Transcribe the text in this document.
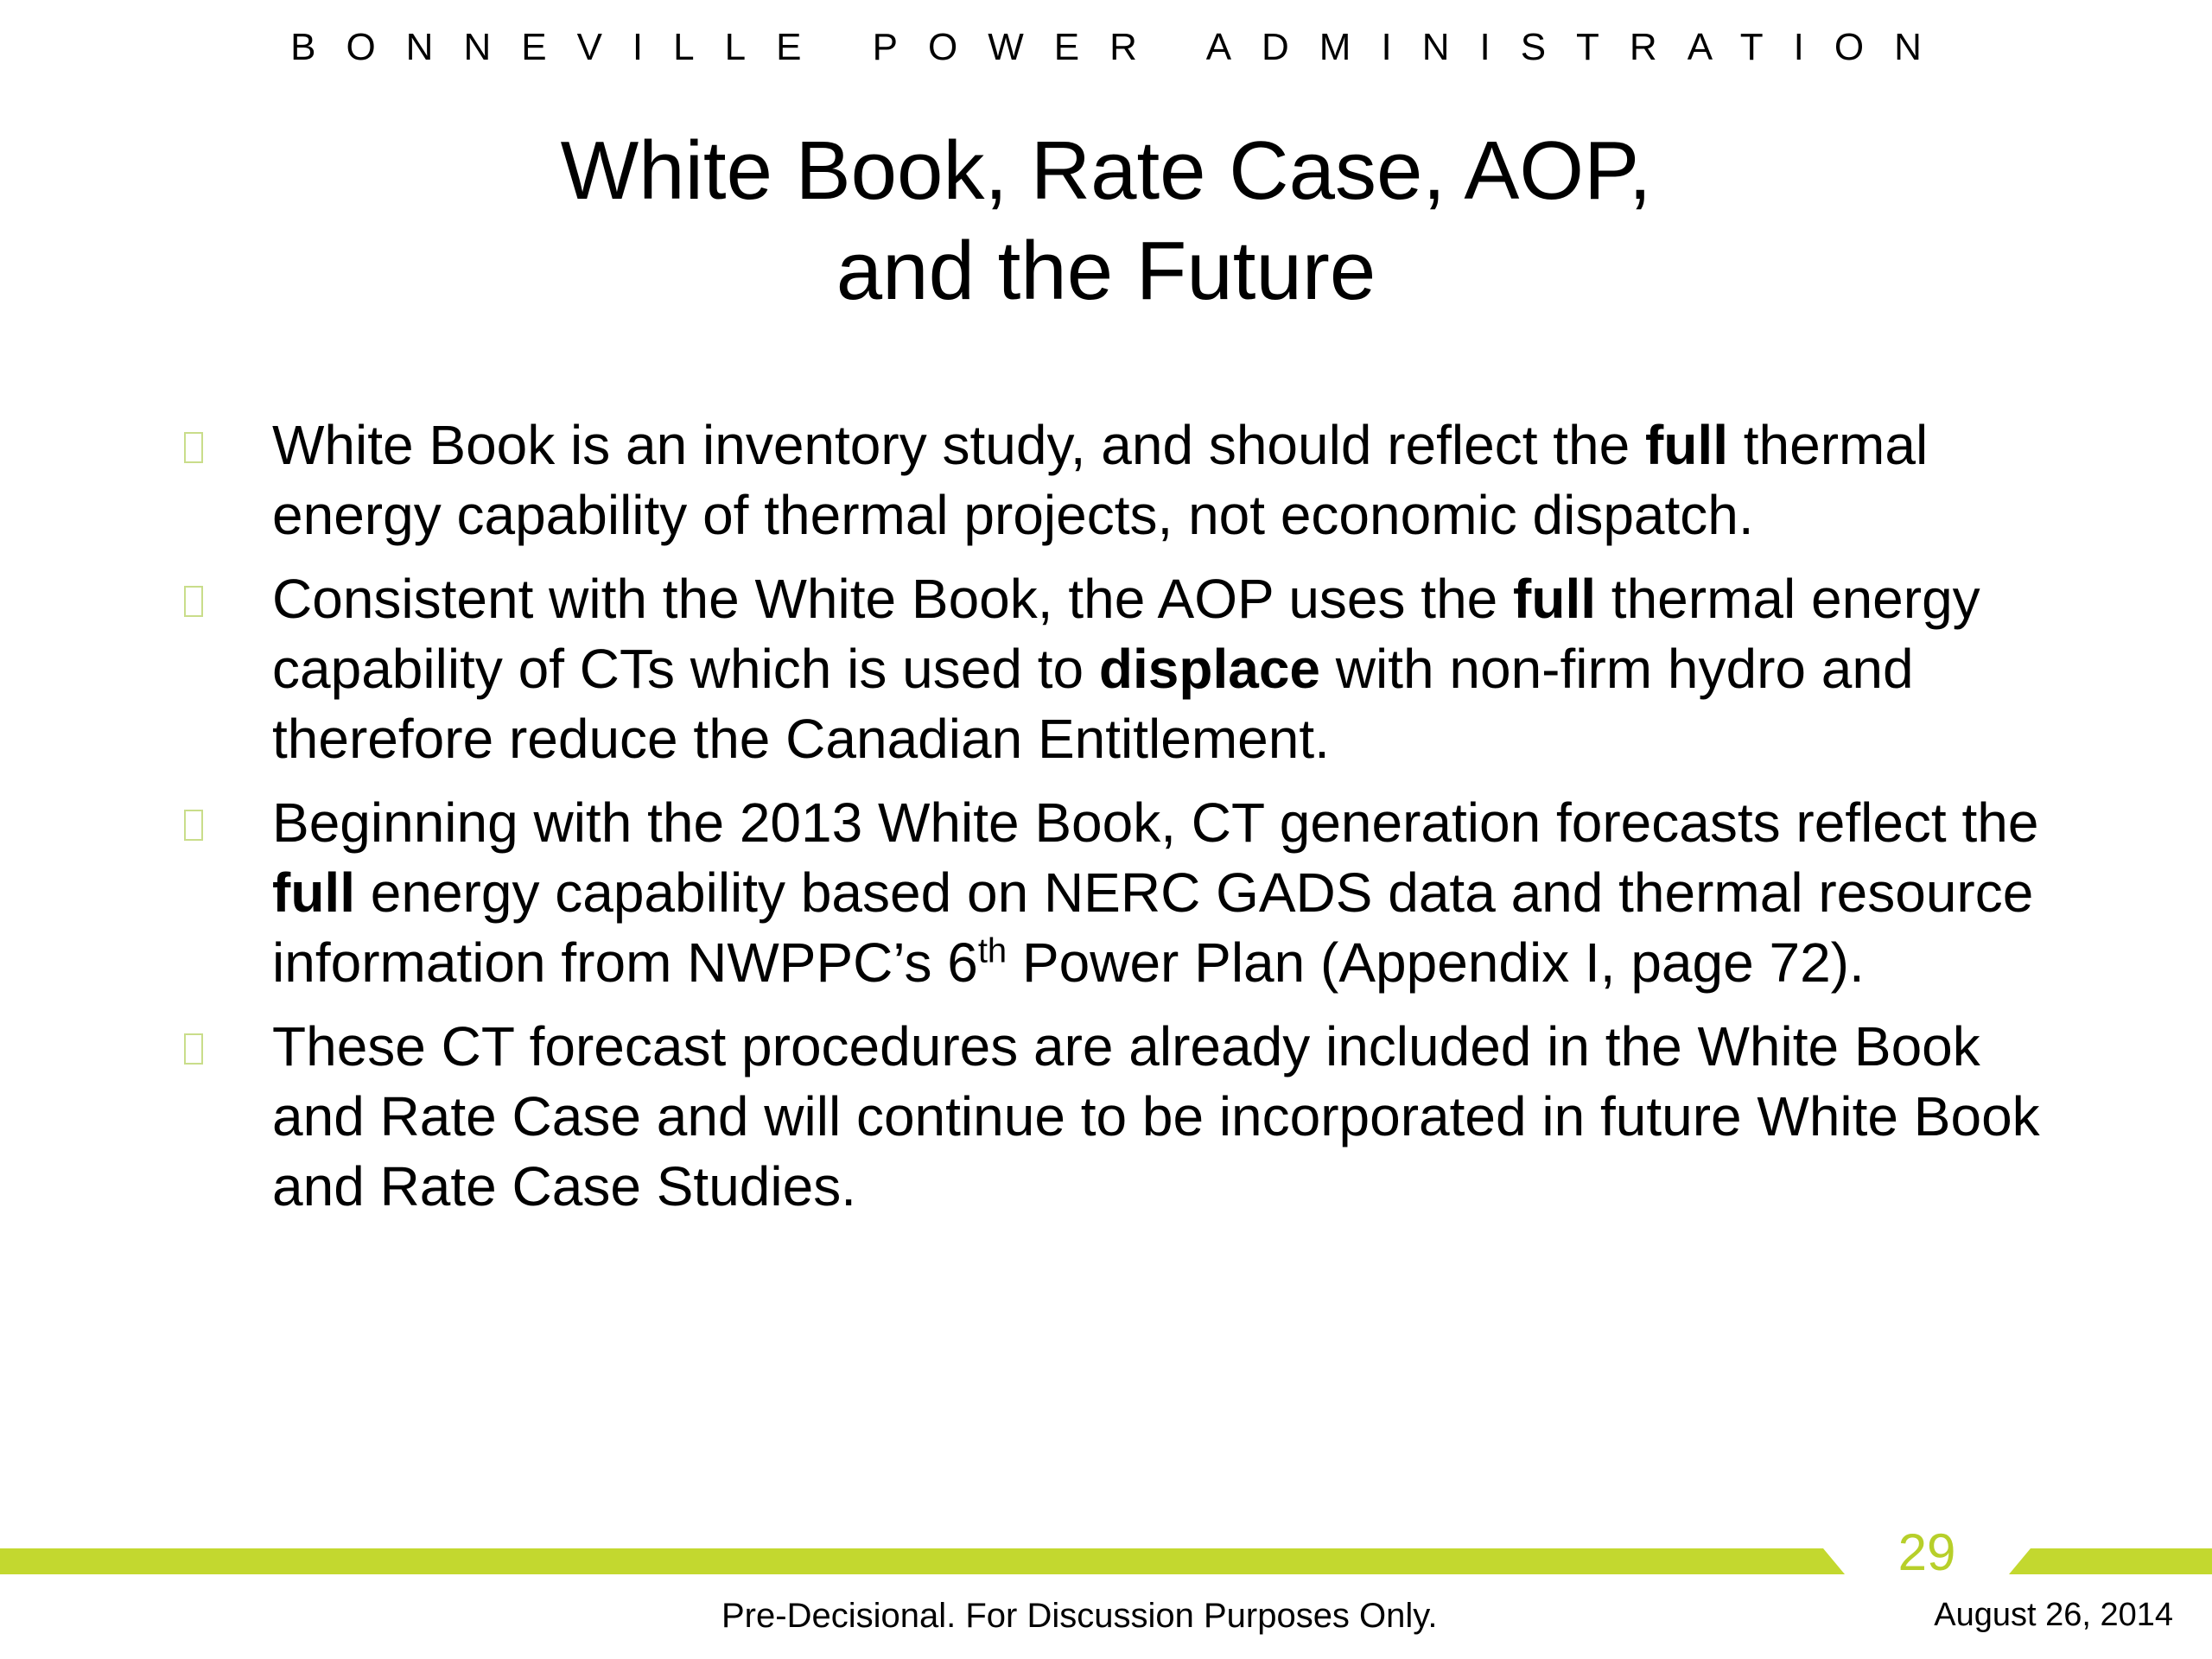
BONNEVILLE POWER ADMINISTRATION
White Book, Rate Case, AOP,
and the Future
White Book is an inventory study, and should reflect the full thermal energy capability of thermal projects, not economic dispatch.
Consistent with the White Book, the AOP uses the full thermal energy capability of CTs which is used to displace with non-firm hydro and therefore reduce the Canadian Entitlement.
Beginning with the 2013 White Book, CT generation forecasts reflect the full energy capability based on NERC GADS data and thermal resource information from NWPPC’s 6th Power Plan (Appendix I, page 72).
These CT forecast procedures are already included in the White Book and Rate Case and will continue to be incorporated in future White Book and Rate Case Studies.
29
Pre-Decisional. For Discussion Purposes Only.	August 26, 2014
